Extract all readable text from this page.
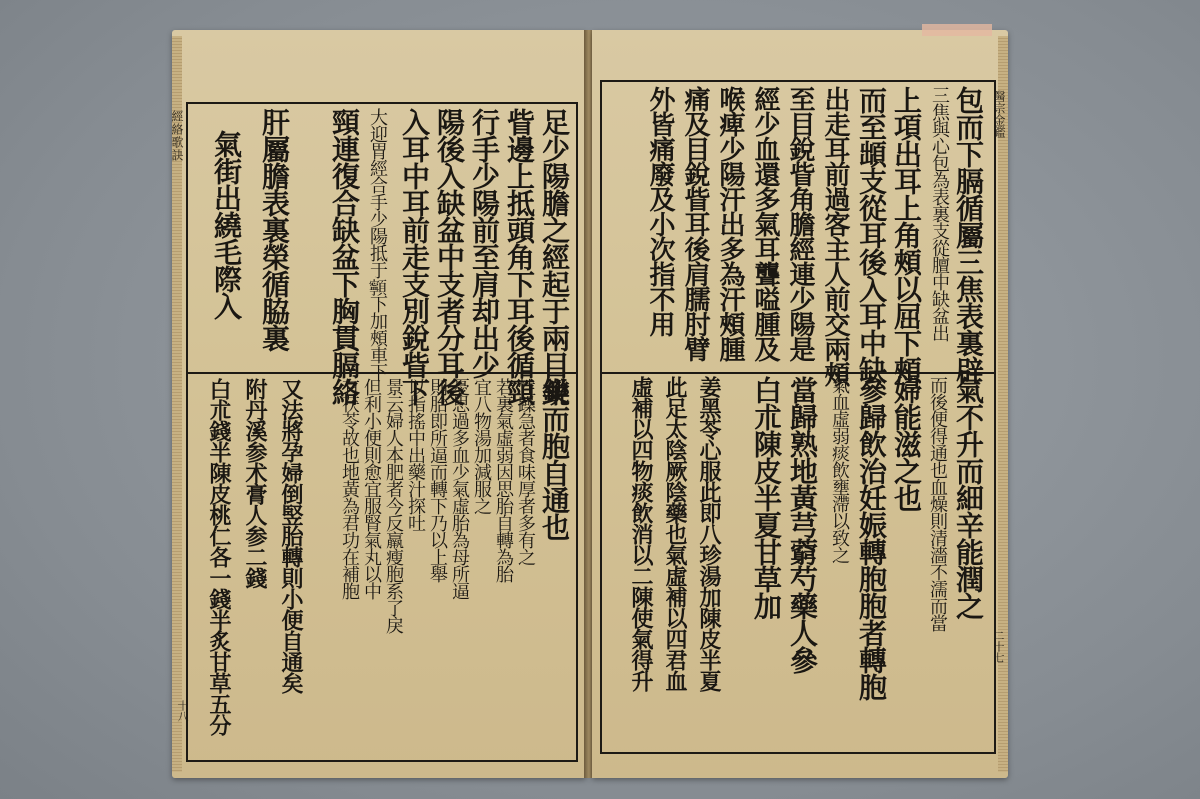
經絡歌訣
十八
足少陽膽之經起于兩目銳
眥邊上抵頭角下耳後循頸
行手少陽前至肩却出少
陽後入缺盆中支者分耳後
入耳中耳前走支別銳眥下
大迎胃經合手少陽抵于𩕳下加頰車下
頸連復合缺盆下胸貫膈絡
肝屬膽表裏榮循脇裏
氣街出繞毛際入
樂而胞自通也
性躁急者食味厚者多有之
若裏氣虛弱因思胎自轉為胎
宜八物湯加減服之
憂思過多血少氣虛胎為母所逼
則胎即所逼而轉下乃以上舉
以指搖中出藥汁探吐
景云婦人本肥者今反羸瘦胞系了戾
但利小便則愈宜服腎氣丸以中
有茯苓故也地黃為君功在補胞
又法將孕婦倒竪胎轉則小便自通矣
附丹溪参术膏人参二錢
白朮錢半陳皮桃仁各一錢半炙甘草五分
醫宗金鑑
二十七
包而下膈循屬三焦表裏辟
三焦與心包為表裏支從膻中缺盆出
上項出耳上角頰以屈下頰
而至䪼支從耳後入耳中缺
出走耳前過客主人前交兩頰
至目銳眥角膽經連少陽是
經少血還多氣耳聾嗌腫及
喉痺少陽汗出多為汗頰腫
痛及目銳眥耳後肩臑肘臂
外皆痛廢及小次指不用
氣不升而細辛能潤之
而後便得通也血燥則清濇不濡而當
婦能滋之也
參歸飲治妊娠轉胞胞者轉胞
氣血虛弱痰飲壅滯以致之
當歸熟地黃芎藭芍藥人參
白朮陳皮半夏甘草加
姜黑苓心服此即八珍湯加陳皮半夏
此足太陰厥陰藥也氣虛補以四君血
虛補以四物痰飲消以二陳使氣得升
